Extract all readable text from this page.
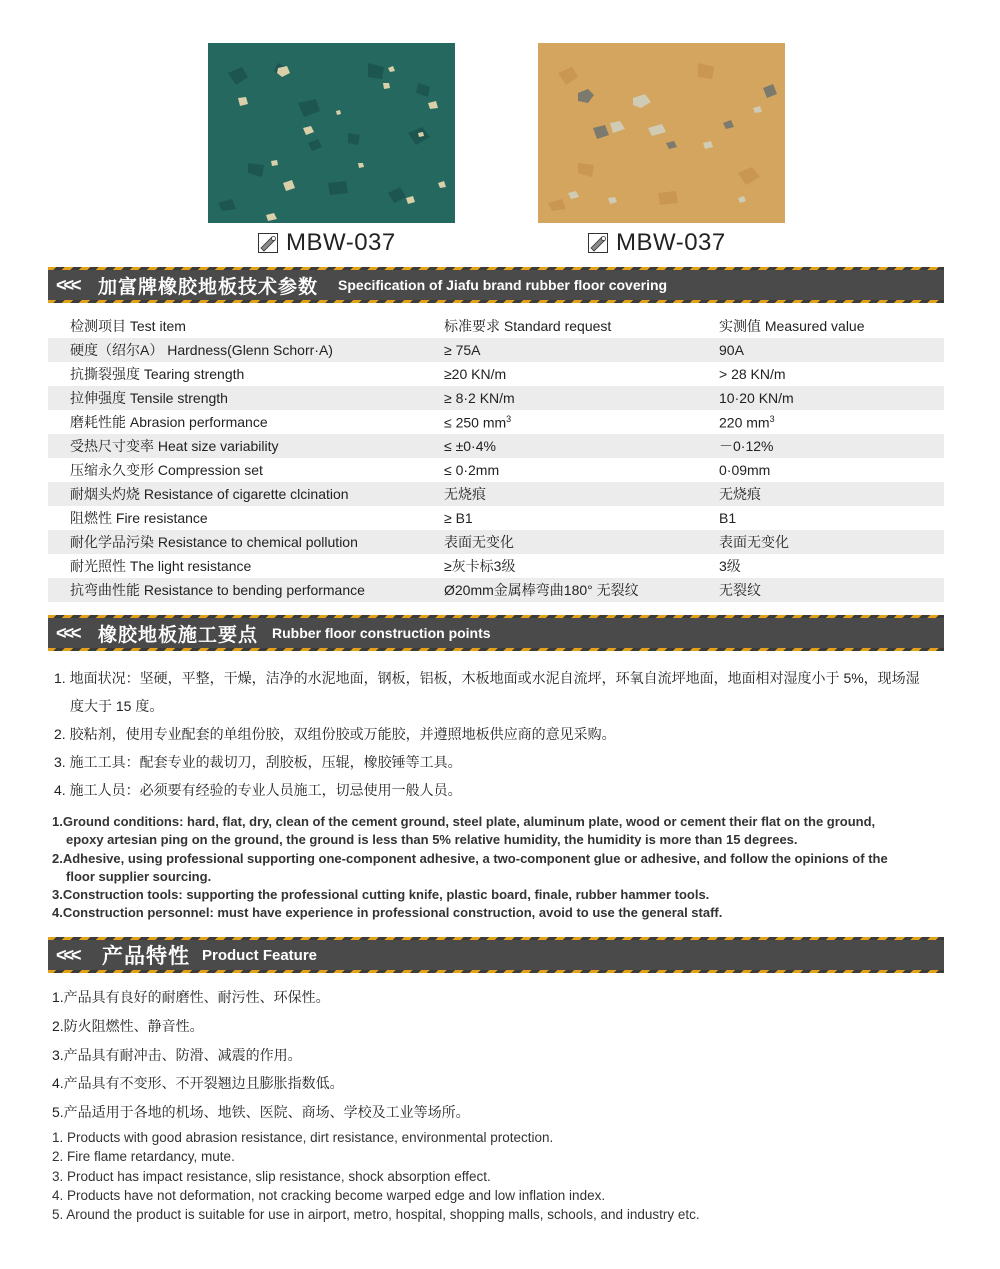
MBW-037	MBW-037
<<<	加富牌橡胶地板技术参数 Specification of Jiafu brand rubber floor covering
检测项目 Test item	标准要求 Standard request	实测值 Measured value
硬度（绍尔A） Hardness(Glenn Schorr·A)	≥ 75A	90A
抗撕裂强度 Tearing strength	≥20 KN/m	> 28 KN/m
拉伸强度 Tensile strength	≥ 8·2 KN/m	10·20 KN/m
磨耗性能 Abrasion performance	≤ 250 $mm^3$	220 $mm^3$
受热尺寸变率 Heat size variability	≤ ±0·4%	－0·12%
压缩永久变形 Compression set	≤ 0·2mm	0·09mm
耐烟头灼烧 Resistance of cigarette clcination	无烧痕	无烧痕
阻燃性 Fire resistance	≥ B1	B1
耐化学品污染 Resistance to chemical pollution	表面无变化	表面无变化
耐光照性 The light resistance	≥灰卡标3级	3级
抗弯曲性能 Resistance to bending performance	Ø20mm金属棒弯曲180° 无裂纹	无裂纹
<<<	橡胶地板施工要点 Rubber floor construction points
1. 地面状况：坚硬，平整，干燥，洁净的水泥地面，钢板，铝板，木板地面或水泥自流坪，环氧自流坪地面，地面相对湿度小于 5%，现场湿
度大于 15 度。
2. 胶粘剂，使用专业配套的单组份胶，双组份胶或万能胶，并遵照地板供应商的意见采购。
3. 施工工具：配套专业的裁切刀，刮胶板，压辊，橡胶锤等工具。
4. 施工人员：必须要有经验的专业人员施工，切忌使用一般人员。
1.Ground conditions: hard, flat, dry, clean of the cement ground, steel plate, aluminum plate, wood or cement their flat on the ground,
epoxy artesian ping on the ground, the ground is less than 5% relative humidity, the humidity is more than 15 degrees.
2.Adhesive, using professional supporting one-component adhesive, a two-component glue or adhesive, and follow the opinions of the
floor supplier sourcing.
3.Construction tools: supporting the professional cutting knife, plastic board, finale, rubber hammer tools.
4.Construction personnel: must have experience in professional construction, avoid to use the general staff.
<<<	产品特性 Product Feature
1.产品具有良好的耐磨性、耐污性、环保性。
2.防火阻燃性、静音性。
3.产品具有耐冲击、防滑、减震的作用。
4.产品具有不变形、不开裂翘边且膨胀指数低。
5.产品适用于各地的机场、地铁、医院、商场、学校及工业等场所。
1. Products with good abrasion resistance, dirt resistance, environmental protection.
2. Fire flame retardancy, mute.
3. Product has impact resistance, slip resistance, shock absorption effect.
4. Products have not deformation, not cracking become warped edge and low inflation index.
5. Around the product is suitable for use in airport, metro, hospital, shopping malls, schools, and industry etc.
